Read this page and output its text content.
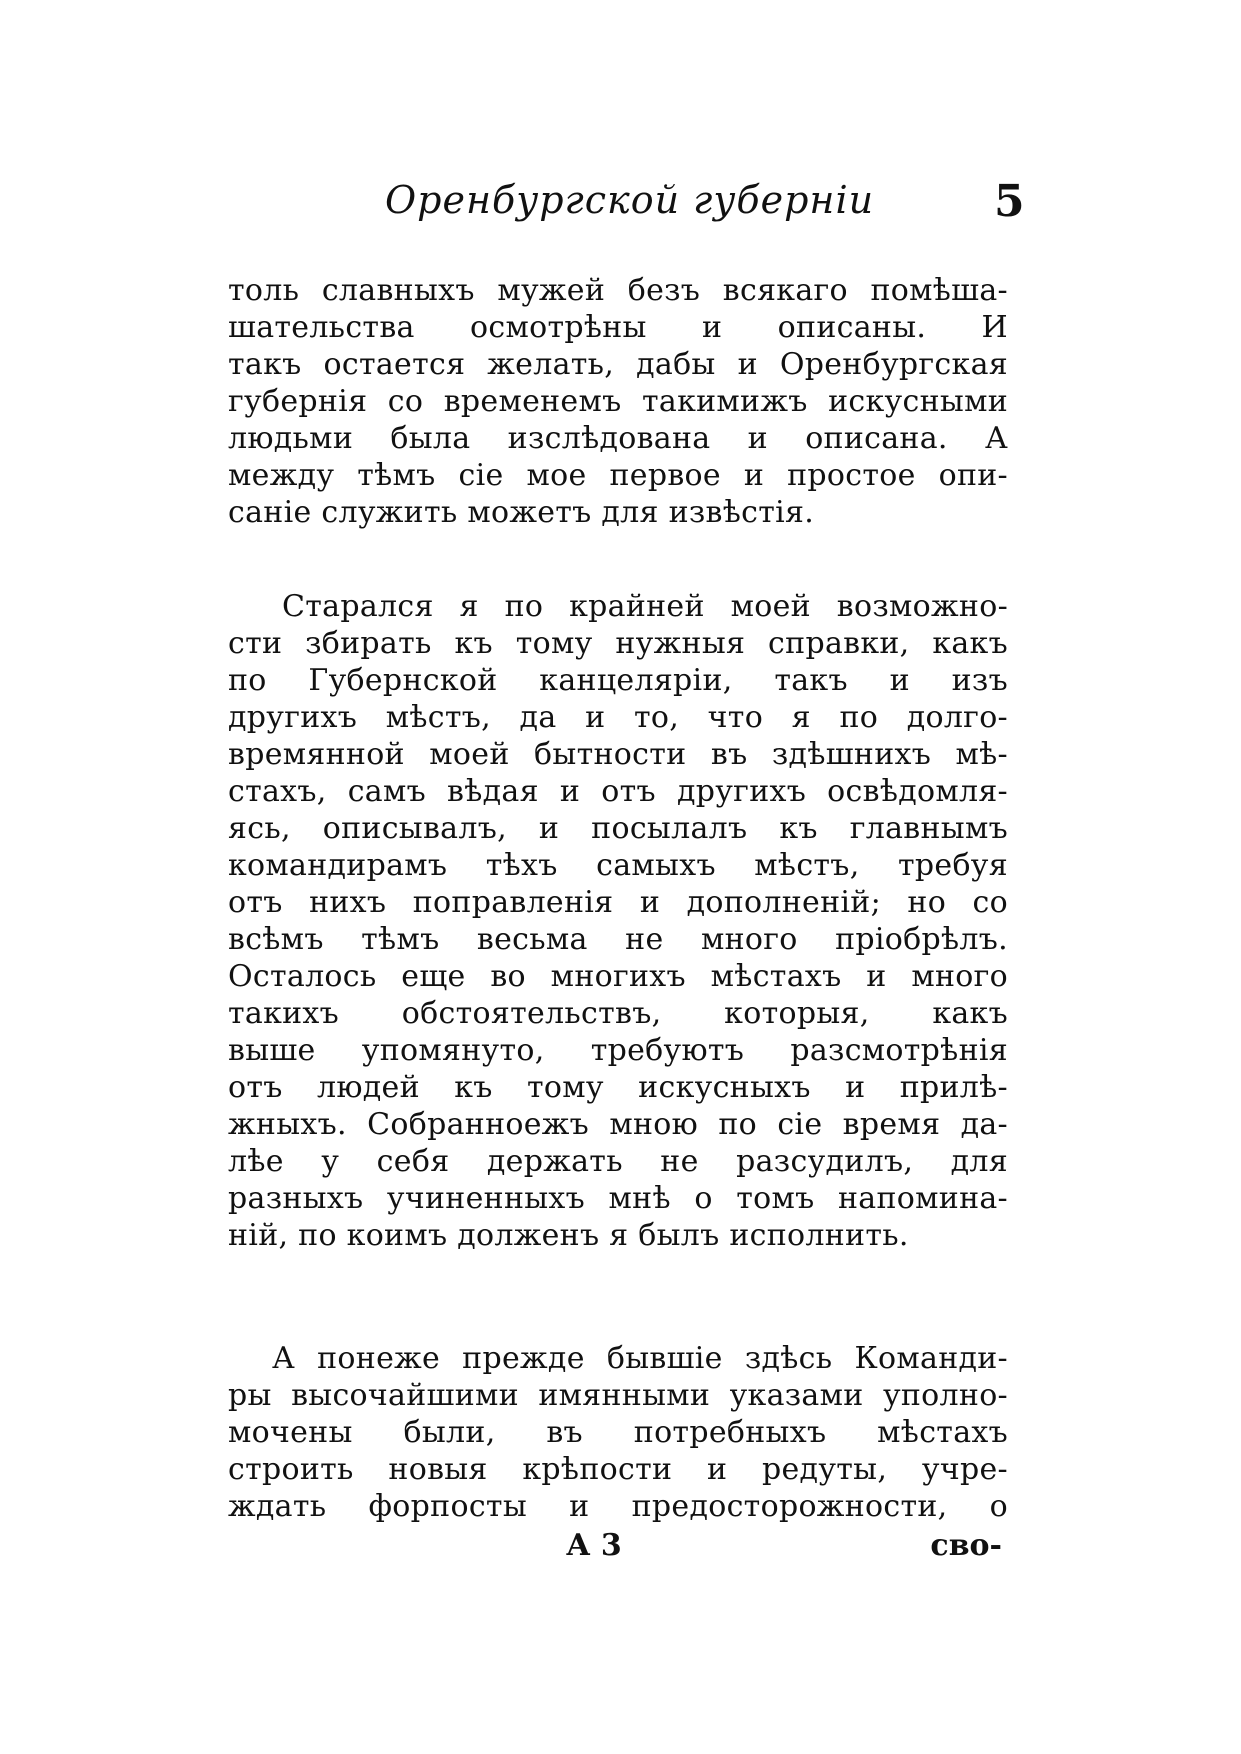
Оренбургской губернiи	5
толь славныхъ мужей безъ всякаго помѣша-
шательства осмотрѣны и описаны. И
такъ остается желать, дабы и Оренбургская
губернiя со временемъ такимижъ искусными
людьми была изслѣдована и описана. А
между тѣмъ сiе мое первое и простое опи-
санiе служить можетъ для извѣстiя.
Старался я по крайней моей возможно-
сти збирать къ тому нужныя справки, какъ
по Губернской канцелярiи, такъ и изъ
другихъ мѣстъ, да и то, что я по долго-
времянной моей бытности въ здѣшнихъ мѣ-
стахъ, самъ вѣдая и отъ другихъ освѣдомля-
ясь, описывалъ, и посылалъ къ главнымъ
командирамъ тѣхъ самыхъ мѣстъ, требуя
отъ нихъ поправленiя и дополненiй; но со
всѣмъ тѣмъ весьма не много прiобрѣлъ.
Осталось еще во многихъ мѣстахъ и много
такихъ обстоятельствъ, которыя, какъ
выше упомянуто, требуютъ разсмотрѣнiя
отъ людей къ тому искусныхъ и прилѣ-
жныхъ. Собранноежъ мною по сiе время да-
лѣе у себя держать не разсудилъ, для
разныхъ учиненныхъ мнѣ о томъ напомина-
нiй, по коимъ долженъ я былъ исполнить.
А понеже прежде бывшiе здѣсь Команди-
ры высочайшими имянными указами уполно-
мочены были, въ потребныхъ мѣстахъ
строить новыя крѣпости и редуты, учре-
ждать форпосты и предосторожности, о
А 3	сво-
